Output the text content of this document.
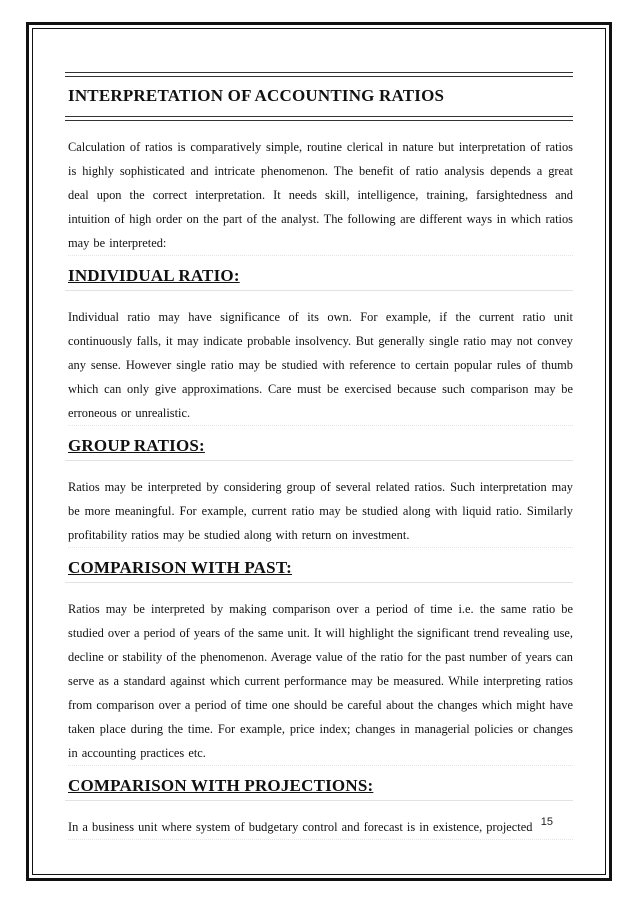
INTERPRETATION OF ACCOUNTING RATIOS

Calculation of ratios is comparatively simple, routine clerical in nature but interpretation of ratios is highly sophisticated and intricate phenomenon. The benefit of ratio analysis depends a great deal upon the correct interpretation. It needs skill, intelligence, training, farsightedness and intuition of high order on the part of the analyst. The following are different ways in which ratios may be interpreted:

INDIVIDUAL RATIO:

Individual ratio may have significance of its own. For example, if the current ratio unit continuously falls, it may indicate probable insolvency. But generally single ratio may not convey any sense. However single ratio may be studied with reference to certain popular rules of thumb which can only give approximations. Care must be exercised because such comparison may be erroneous or unrealistic.

GROUP RATIOS:

Ratios may be interpreted by considering group of several related ratios. Such interpretation may be more meaningful. For example, current ratio may be studied along with liquid ratio. Similarly profitability ratios may be studied along with return on investment.

COMPARISON WITH PAST:

Ratios may be interpreted by making comparison over a period of time i.e. the same ratio be studied over a period of years of the same unit. It will highlight the significant trend revealing use, decline or stability of the phenomenon. Average value of the ratio for the past number of years can serve as a standard against which current performance may be measured. While interpreting ratios from comparison over a period of time one should be careful about the changes which might have taken place during the time. For example, price index; changes in managerial policies or changes in accounting practices etc.

COMPARISON WITH PROJECTIONS:

In a business unit where system of budgetary control and forecast is in existence, projected 15
